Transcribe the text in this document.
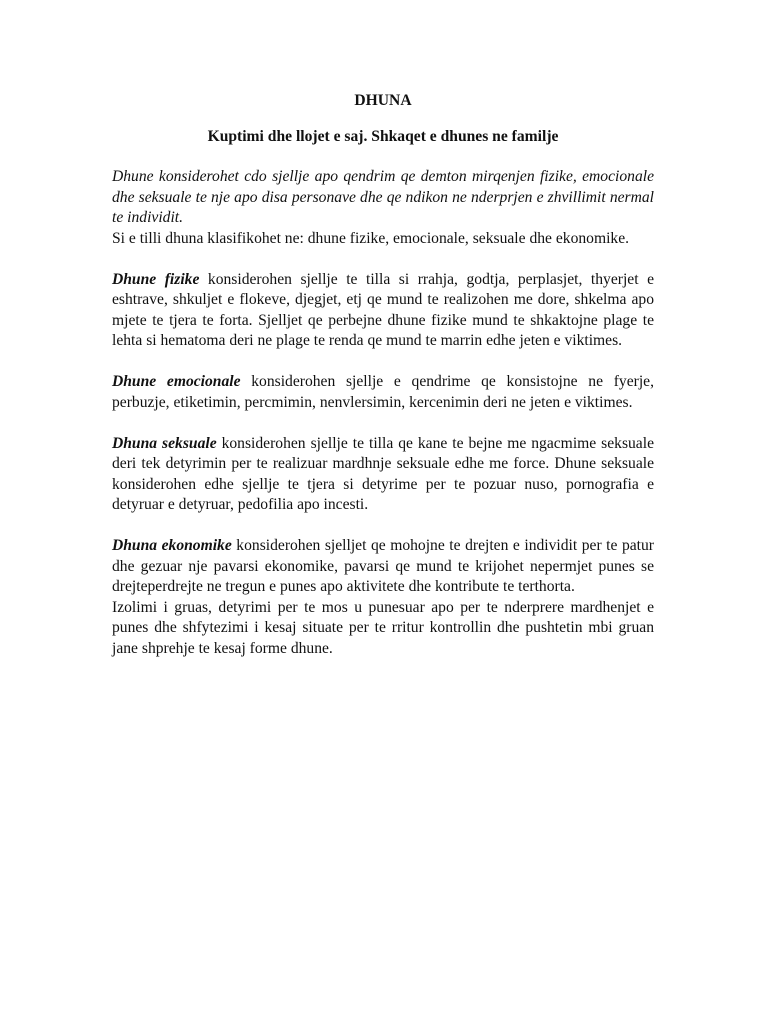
DHUNA
Kuptimi dhe llojet e saj. Shkaqet e dhunes ne familje

Dhune konsiderohet cdo sjellje apo qendrim qe demton mirqenjen fizike, emocionale dhe seksuale te nje apo disa personave dhe qe ndikon ne nderprjen e zhvillimit nermal te individit.

Si e tilli dhuna klasifikohet ne: dhune fizike, emocionale, seksuale dhe ekonomike.

Dhune fizike konsiderohen sjellje te tilla si rrahja, godtja, perplasjet, thyerjet e eshtrave, shkuljet e flokeve, djegjet, etj qe mund te realizohen me dore, shkelma apo mjete te tjera te forta. Sjelljet qe perbejne dhune fizike mund te shkaktojne plage te lehta si hematoma deri ne plage te renda qe mund te marrin edhe jeten e viktimes.

Dhune emocionale konsiderohen sjellje e qendrime qe konsistojne ne fyerje, perbuzje, etiketimin, percmimin, nenvlersimin, kercenimin deri ne jeten e viktimes.

Dhuna seksuale konsiderohen sjellje te tilla qe kane te bejne me ngacmime seksuale deri tek detyrimin per te realizuar mardhnje seksuale edhe me force. Dhune seksuale konsiderohen edhe sjellje te tjera si detyrime per te pozuar nuso, pornografia e detyruar e detyruar, pedofilia apo incesti.

Dhuna ekonomike konsiderohen sjelljet qe mohojne te drejten e individit per te patur dhe gezuar nje pavarsi ekonomike, pavarsi qe mund te krijohet nepermjet punes se drejteperdrejte ne tregun e punes apo aktivitete dhe kontribute te terthorta.

Izolimi i gruas, detyrimi per te mos u punesuar apo per te nderprere mardhenjet e punes dhe shfytezimi i kesaj situate per te rritur kontrollin dhe pushtetin mbi gruan jane shprehje te kesaj forme dhune.
